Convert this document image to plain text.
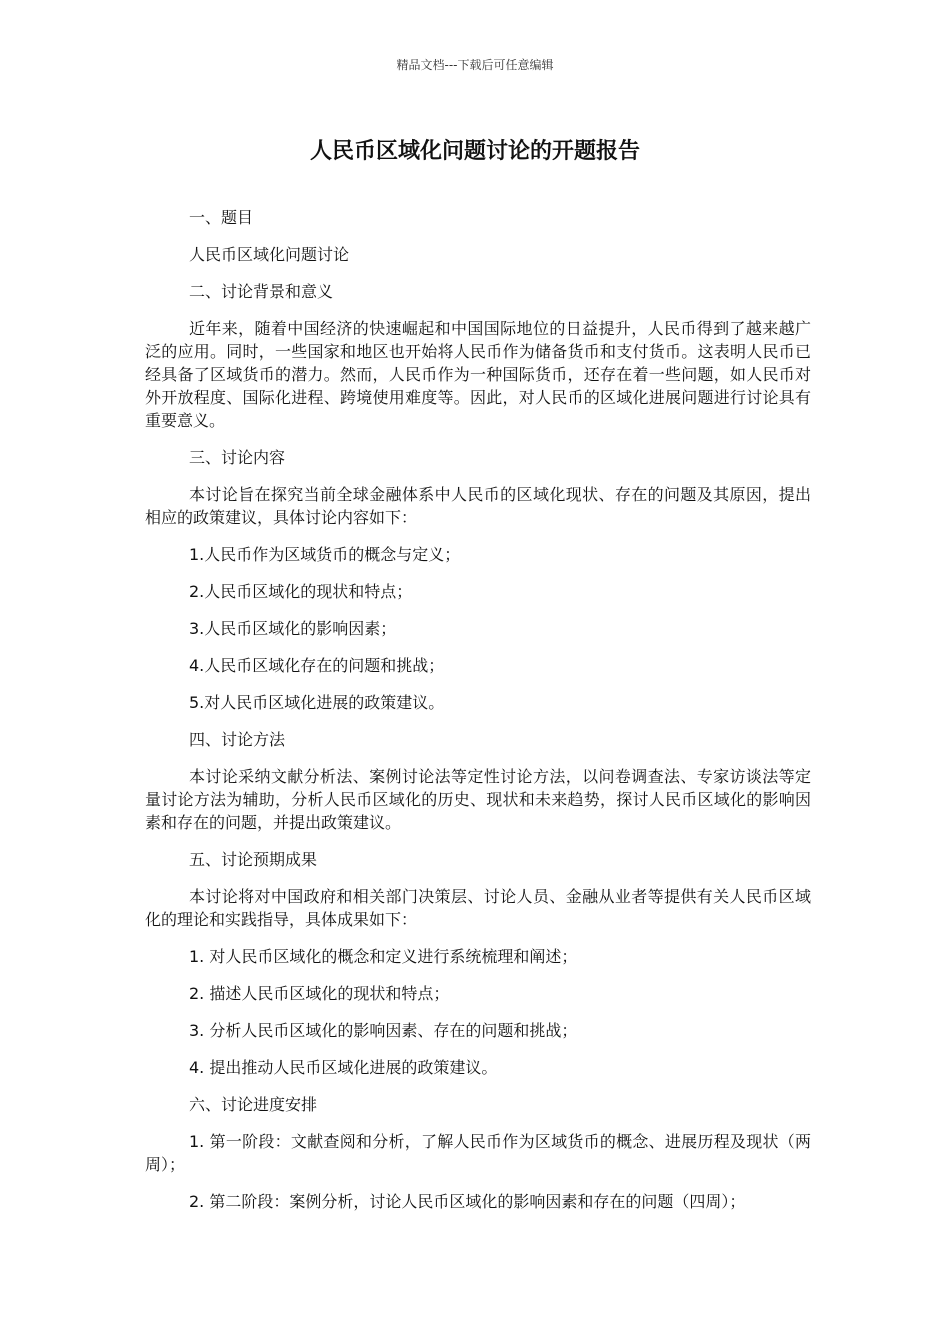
精品文档---下载后可任意编辑
人民币区域化问题讨论的开题报告

一、题目

人民币区域化问题讨论

二、讨论背景和意义

近年来，随着中国经济的快速崛起和中国国际地位的日益提升，人民币得到了越来越广泛的应用。同时，一些国家和地区也开始将人民币作为储备货币和支付货币。这表明人民币已经具备了区域货币的潜力。然而，人民币作为一种国际货币，还存在着一些问题，如人民币对外开放程度、国际化进程、跨境使用难度等。因此，对人民币的区域化进展问题进行讨论具有重要意义。

三、讨论内容

本讨论旨在探究当前全球金融体系中人民币的区域化现状、存在的问题及其原因，提出相应的政策建议，具体讨论内容如下：

1.人民币作为区域货币的概念与定义；

2.人民币区域化的现状和特点；

3.人民币区域化的影响因素；

4.人民币区域化存在的问题和挑战；

5.对人民币区域化进展的政策建议。

四、讨论方法

本讨论采纳文献分析法、案例讨论法等定性讨论方法，以问卷调查法、专家访谈法等定量讨论方法为辅助，分析人民币区域化的历史、现状和未来趋势，探讨人民币区域化的影响因素和存在的问题，并提出政策建议。

五、讨论预期成果

本讨论将对中国政府和相关部门决策层、讨论人员、金融从业者等提供有关人民币区域化的理论和实践指导，具体成果如下：

1. 对人民币区域化的概念和定义进行系统梳理和阐述；

2. 描述人民币区域化的现状和特点；

3. 分析人民币区域化的影响因素、存在的问题和挑战；

4. 提出推动人民币区域化进展的政策建议。

六、讨论进度安排

1. 第一阶段：文献查阅和分析，了解人民币作为区域货币的概念、进展历程及现状（两周）；

2. 第二阶段：案例分析，讨论人民币区域化的影响因素和存在的问题（四周）；
